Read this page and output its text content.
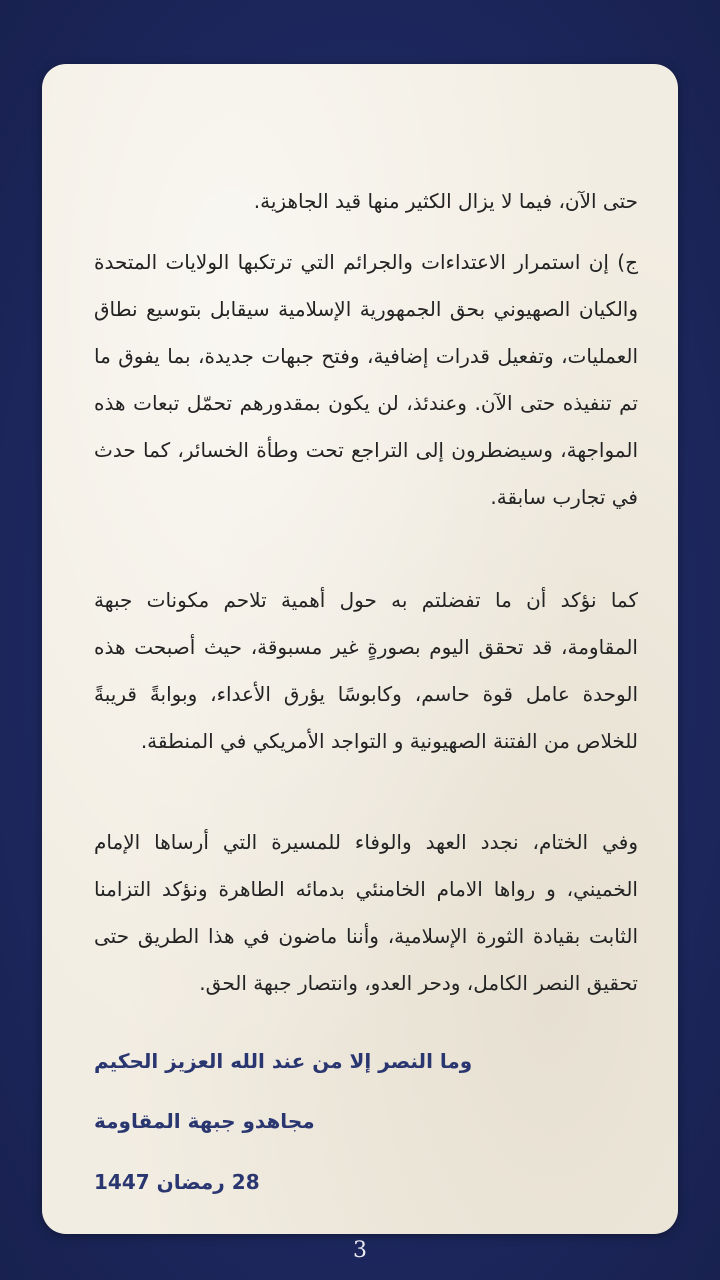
حتى الآن، فيما لا يزال الكثير منها قيد الجاهزية.

ج) إن استمرار الاعتداءات والجرائم التي ترتكبها الولايات المتحدة والكيان الصهيوني بحق الجمهورية الإسلامية سيقابل بتوسيع نطاق العمليات، وتفعيل قدرات إضافية، وفتح جبهات جديدة، بما يفوق ما تم تنفيذه حتى الآن. وعندئذ، لن يكون بمقدورهم تحمّل تبعات هذه المواجهة، وسيضطرون إلى التراجع تحت وطأة الخسائر، كما حدث في تجارب سابقة.

كما نؤكد أن ما تفضلتم به حول أهمية تلاحم مكونات جبهة المقاومة، قد تحقق اليوم بصورةٍ غير مسبوقة، حيث أصبحت هذه الوحدة عامل قوة حاسم، وكابوسًا يؤرق الأعداء، وبوابةً قريبةً للخلاص من الفتنة الصهيونية و التواجد الأمريكي في المنطقة.

وفي الختام، نجدد العهد والوفاء للمسيرة التي أرساها الإمام الخميني، و رواها الامام الخامنئي بدمائه الطاهرة ونؤكد التزامنا الثابت بقيادة الثورة الإسلامية، وأننا ماضون في هذا الطريق حتى تحقيق النصر الكامل، ودحر العدو، وانتصار جبهة الحق.

وما النصر إلا من عند الله العزيز الحكيم
مجاهدو جبهة المقاومة
28 رمضان 1447
3
